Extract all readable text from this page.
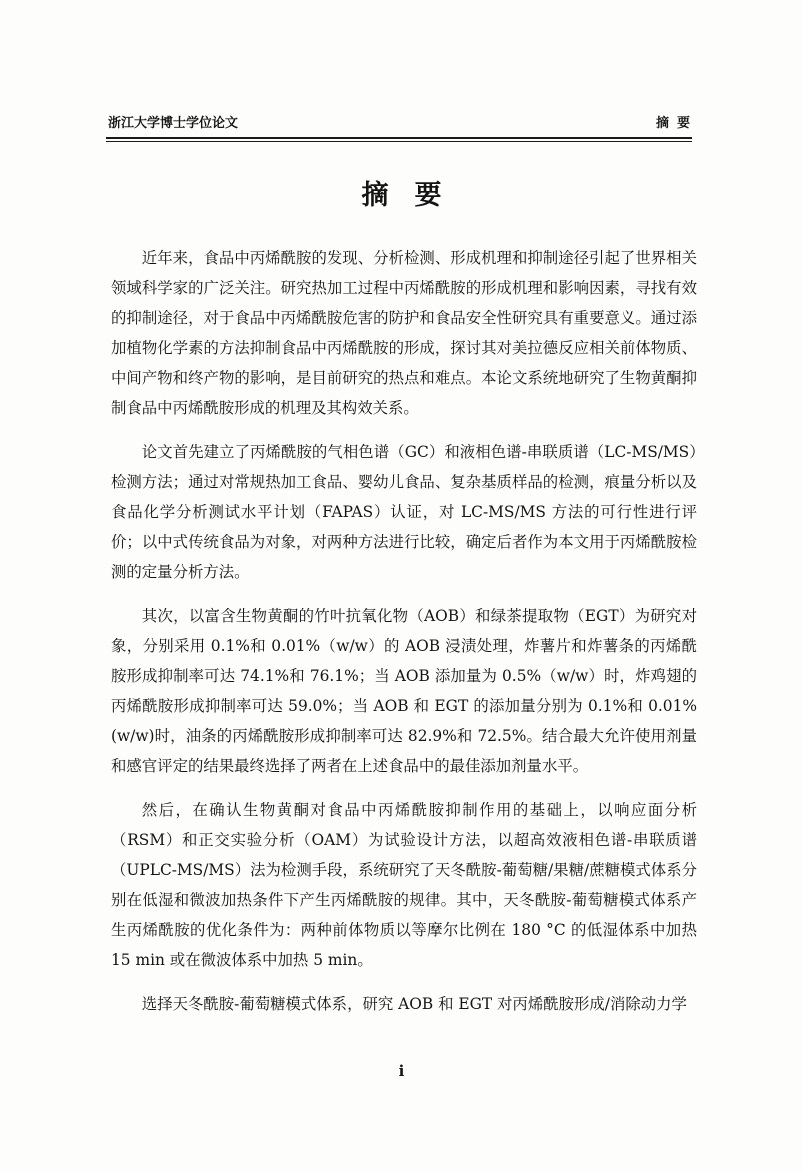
浙江大学博士学位论文	摘要
摘要

近年来，食品中丙烯酰胺的发现、分析检测、形成机理和抑制途径引起了世界相关领域科学家的广泛关注。研究热加工过程中丙烯酰胺的形成机理和影响因素，寻找有效的抑制途径，对于食品中丙烯酰胺危害的防护和食品安全性研究具有重要意义。通过添加植物化学素的方法抑制食品中丙烯酰胺的形成，探讨其对美拉德反应相关前体物质、中间产物和终产物的影响，是目前研究的热点和难点。本论文系统地研究了生物黄酮抑制食品中丙烯酰胺形成的机理及其构效关系。

论文首先建立了丙烯酰胺的气相色谱（GC）和液相色谱-串联质谱（LC-MS/MS）检测方法；通过对常规热加工食品、婴幼儿食品、复杂基质样品的检测，痕量分析以及食品化学分析测试水平计划（FAPAS）认证，对 LC-MS/MS 方法的可行性进行评价；以中式传统食品为对象，对两种方法进行比较，确定后者作为本文用于丙烯酰胺检测的定量分析方法。

其次，以富含生物黄酮的竹叶抗氧化物（AOB）和绿茶提取物（EGT）为研究对象，分别采用 0.1%和 0.01%（w/w）的 AOB 浸渍处理，炸薯片和炸薯条的丙烯酰胺形成抑制率可达 74.1%和 76.1%；当 AOB 添加量为 0.5%（w/w）时，炸鸡翅的丙烯酰胺形成抑制率可达 59.0%；当 AOB 和 EGT 的添加量分别为 0.1%和 0.01%(w/w)时，油条的丙烯酰胺形成抑制率可达 82.9%和 72.5%。结合最大允许使用剂量和感官评定的结果最终选择了两者在上述食品中的最佳添加剂量水平。

然后，在确认生物黄酮对食品中丙烯酰胺抑制作用的基础上，以响应面分析（RSM）和正交实验分析（OAM）为试验设计方法，以超高效液相色谱-串联质谱（UPLC-MS/MS）法为检测手段，系统研究了天冬酰胺-葡萄糖/果糖/蔗糖模式体系分别在低湿和微波加热条件下产生丙烯酰胺的规律。其中，天冬酰胺-葡萄糖模式体系产生丙烯酰胺的优化条件为：两种前体物质以等摩尔比例在 180 °C 的低湿体系中加热 15 min 或在微波体系中加热 5 min。

选择天冬酰胺-葡萄糖模式体系，研究 AOB 和 EGT 对丙烯酰胺形成/消除动力学

i
